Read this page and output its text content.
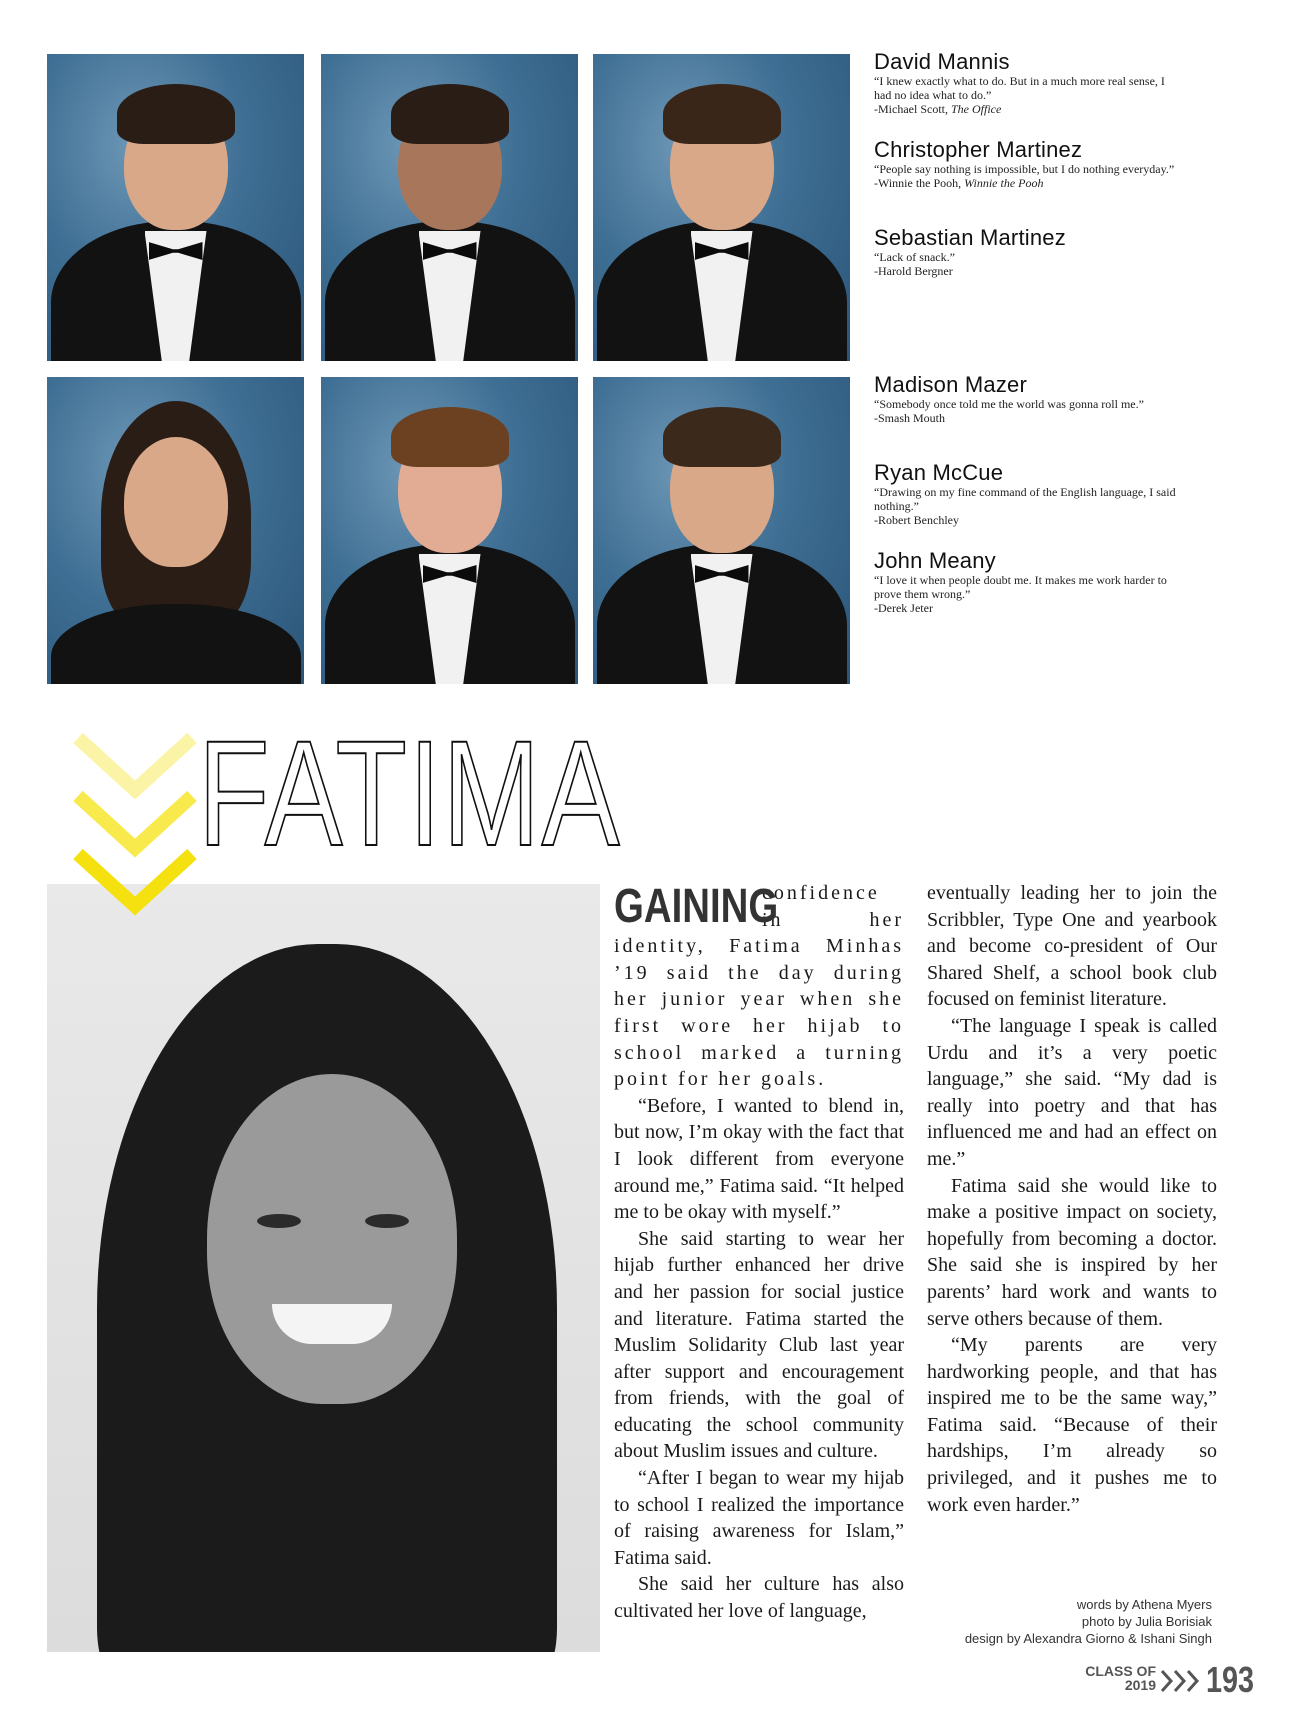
David Mannis

“I knew exactly what to do. But in a much more real sense, I had no idea what to do.”

-Michael Scott, The Office

Christopher Martinez

“People say nothing is impossible, but I do nothing everyday.”

-Winnie the Pooh, Winnie the Pooh

Sebastian Martinez

“Lack of snack.”

-Harold Bergner

Madison Mazer

“Somebody once told me the world was gonna roll me.”

-Smash Mouth

Ryan McCue

“Drawing on my fine command of the English language, I said nothing.”

-Robert Benchley

John Meany

“I love it when people doubt me. It makes me work harder to prove them wrong.”

-Derek Jeter

FATIMA

GAINING
confidence in her identity, Fatima Minhas ’19 said the day during her junior year when she first wore her hijab to school marked a turning point for her goals.

“Before, I wanted to blend in, but now, I’m okay with the fact that I look different from everyone around me,” Fatima said. “It helped me to be okay with myself.”

She said starting to wear her hijab further enhanced her drive and her passion for social justice and literature. Fatima started the Muslim Solidarity Club last year after support and encouragement from friends, with the goal of educating the school community about Muslim issues and culture.

“After I began to wear my hijab to school I realized the importance of raising awareness for Islam,” Fatima said.

She said her culture has also cultivated her love of language,

eventually leading her to join the Scribbler, Type One and yearbook and become co-president of Our Shared Shelf, a school book club focused on feminist literature.

“The language I speak is called Urdu and it’s a very poetic language,” she said. “My dad is really into poetry and that has influenced me and had an effect on me.”

Fatima said she would like to make a positive impact on society, hopefully from becoming a doctor. She said she is inspired by her parents’ hard work and wants to serve others because of them.

“My parents are very hardworking people, and that has inspired me to be the same way,” Fatima said. “Because of their hardships, I’m already so privileged, and it pushes me to work even harder.”

words by Athena Myers
photo by Julia Borisiak
design by Alexandra Giorno & Ishani Singh
CLASS OF
2019 193
